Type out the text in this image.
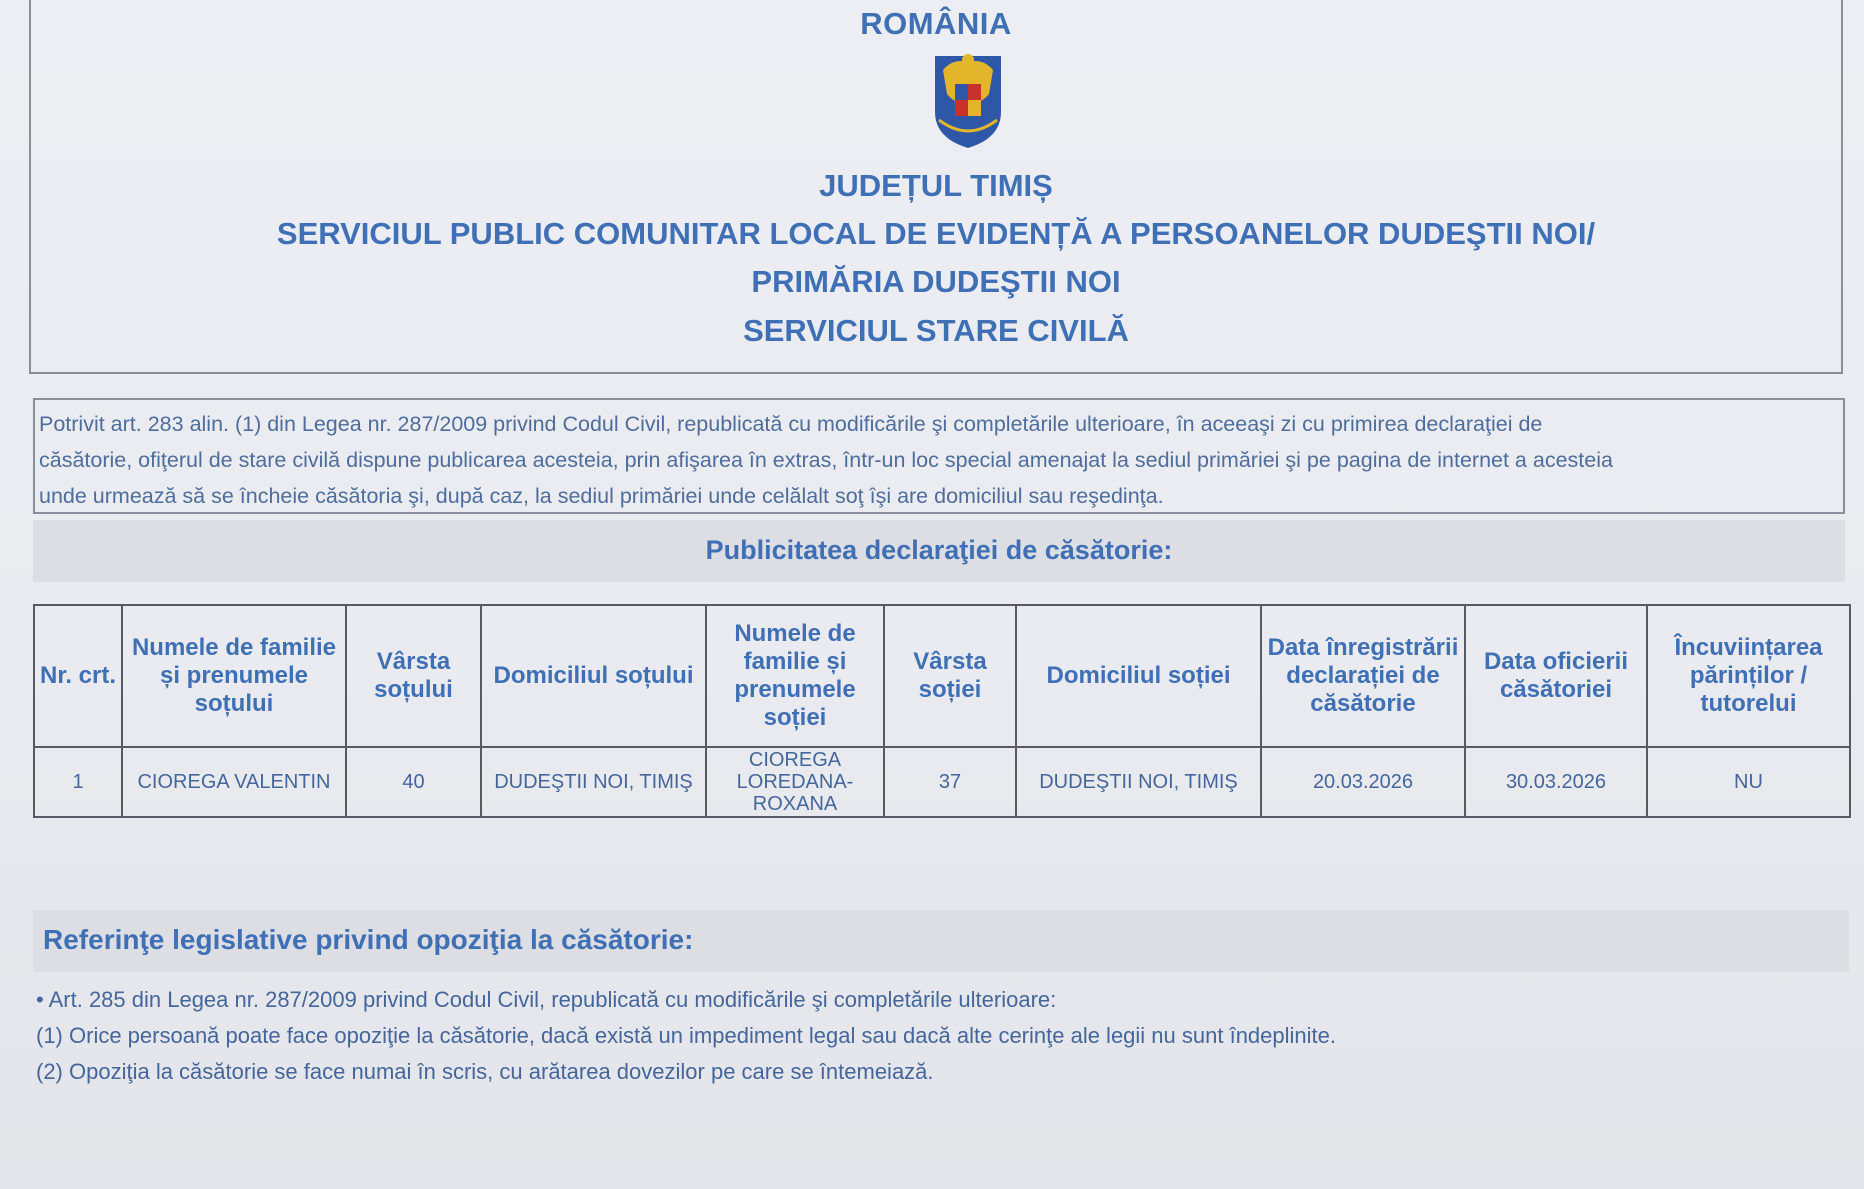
ROMÂNIA
JUDEȚUL TIMIȘ
SERVICIUL PUBLIC COMUNITAR LOCAL DE EVIDENȚĂ A PERSOANELOR DUDEŞTII NOI/
PRIMĂRIA DUDEŞTII NOI
SERVICIUL STARE CIVILĂ
Potrivit art. 283 alin. (1) din Legea nr. 287/2009 privind Codul Civil, republicată cu modificările şi completările ulterioare, în aceeaşi zi cu primirea declaraţiei de
căsătorie, ofiţerul de stare civilă dispune publicarea acesteia, prin afişarea în extras, într-un loc special amenajat la sediul primăriei şi pe pagina de internet a acesteia
unde urmează să se încheie căsătoria şi, după caz, la sediul primăriei unde celălalt soţ îşi are domiciliul sau reşedinţa.
Publicitatea declaraţiei de căsătorie:
Nr. crt.	Numele de familie și prenumele soțului	Vârsta soțului	Domiciliul soțului	Numele de familie și prenumele soției	Vârsta soției	Domiciliul soției	Data înregistrării declarației de căsătorie	Data oficierii căsătoriei	Încuviințarea părinților / tutorelui
1	CIOREGA VALENTIN	40	DUDEŞTII NOI, TIMIŞ	CIOREGA LOREDANA-ROXANA	37	DUDEŞTII NOI, TIMIŞ	20.03.2026	30.03.2026	NU
Referinţe legislative privind opoziţia la căsătorie:
• Art. 285 din Legea nr. 287/2009 privind Codul Civil, republicată cu modificările şi completările ulterioare:
(1) Orice persoană poate face opoziţie la căsătorie, dacă există un impediment legal sau dacă alte cerinţe ale legii nu sunt îndeplinite.
(2) Opoziţia la căsătorie se face numai în scris, cu arătarea dovezilor pe care se întemeiază.
